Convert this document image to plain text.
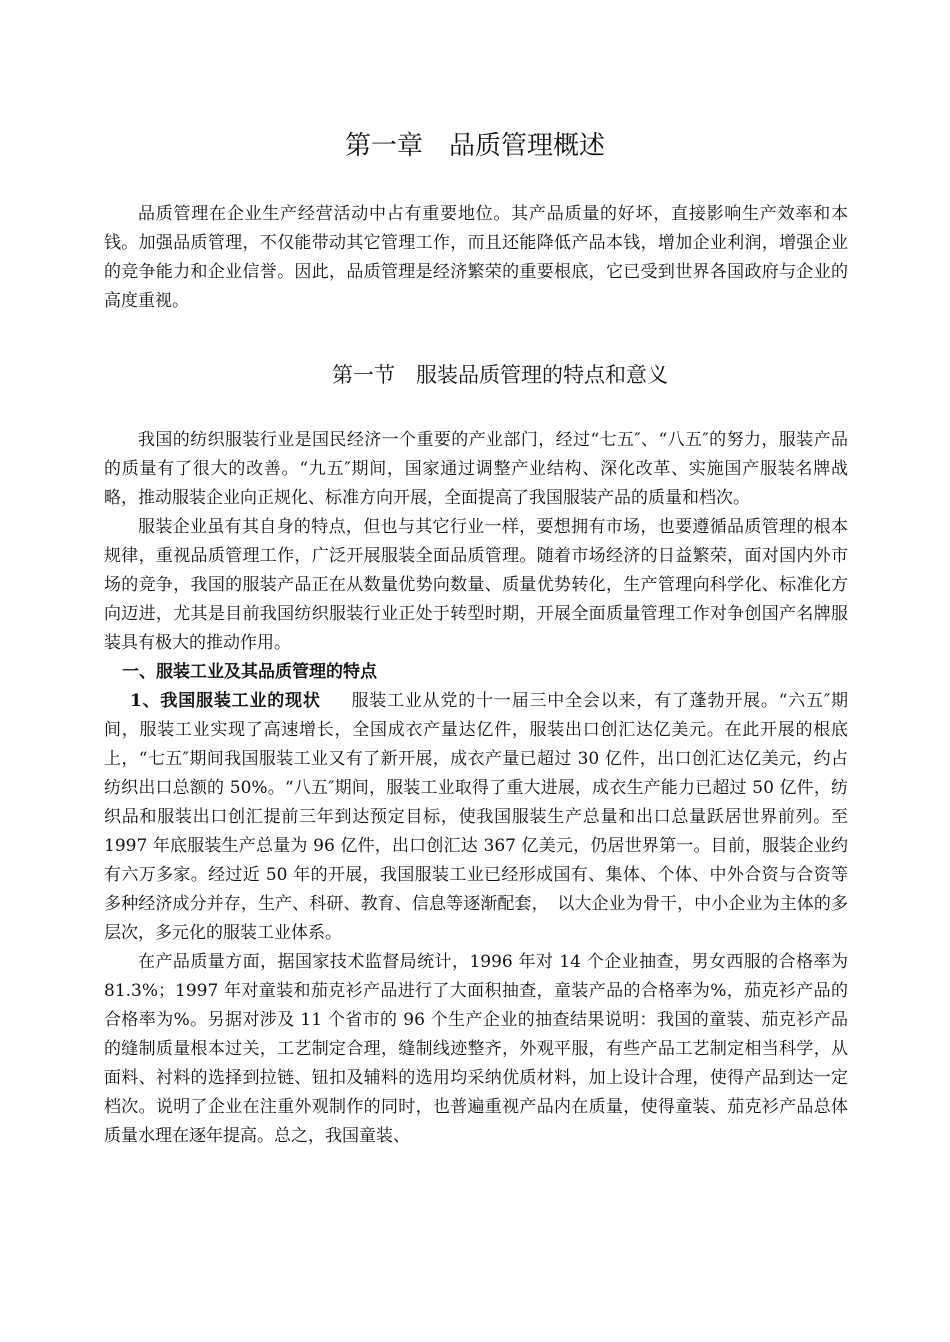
第一章　品质管理概述

品质管理在企业生产经营活动中占有重要地位。其产品质量的好坏，直接影响生产效率和本钱。加强品质管理，不仅能带动其它管理工作，而且还能降低产品本钱，增加企业利润，增强企业的竞争能力和企业信誉。因此，品质管理是经济繁荣的重要根底，它已受到世界各国政府与企业的高度重视。

第一节　服装品质管理的特点和意义

我国的纺织服装行业是国民经济一个重要的产业部门，经过“七五″、“八五″的努力，服装产品的质量有了很大的改善。“九五″期间，国家通过调整产业结构、深化改革、实施国产服装名牌战略，推动服装企业向正规化、标准方向开展，全面提高了我国服装产品的质量和档次。

服装企业虽有其自身的特点，但也与其它行业一样，要想拥有市场，也要遵循品质管理的根本规律，重视品质管理工作，广泛开展服装全面品质管理。随着市场经济的日益繁荣，面对国内外市场的竞争，我国的服装产品正在从数量优势向数量、质量优势转化，生产管理向科学化、标准化方向迈进，尤其是目前我国纺织服装行业正处于转型时期，开展全面质量管理工作对争创国产名牌服装具有极大的推动作用。

一、服装工业及其品质管理的特点

1、我国服装工业的现状 服装工业从党的十一届三中全会以来，有了蓬勃开展。“六五″期间，服装工业实现了高速增长，全国成衣产量达亿件，服装出口创汇达亿美元。在此开展的根底上，“七五″期间我国服装工业又有了新开展，成衣产量已超过 30 亿件，出口创汇达亿美元，约占纺织出口总额的 50%。“八五″期间，服装工业取得了重大进展，成衣生产能力已超过 50 亿件，纺织品和服装出口创汇提前三年到达预定目标，使我国服装生产总量和出口总量跃居世界前列。至 1997 年底服装生产总量为 96 亿件，出口创汇达 367 亿美元，仍居世界第一。目前，服装企业约有六万多家。经过近 50 年的开展，我国服装工业已经形成国有、集体、个体、中外合资与合资等多种经济成分并存，生产、科研、教育、信息等逐渐配套，　以大企业为骨干，中小企业为主体的多层次，多元化的服装工业体系。

在产品质量方面，据国家技术监督局统计，1996 年对 14 个企业抽查，男女西服的合格率为 81.3%；1997 年对童装和茄克衫产品进行了大面积抽查，童装产品的合格率为%，茄克衫产品的合格率为%。另据对涉及 11 个省市的 96 个生产企业的抽查结果说明：我国的童装、茄克衫产品的缝制质量根本过关，工艺制定合理，缝制线迹整齐，外观平服，有些产品工艺制定相当科学，从面料、衬料的选择到拉链、钮扣及辅料的选用均采纳优质材料，加上设计合理，使得产品到达一定档次。说明了企业在注重外观制作的同时，也普遍重视产品内在质量，使得童装、茄克衫产品总体质量水理在逐年提高。总之，我国童装、
